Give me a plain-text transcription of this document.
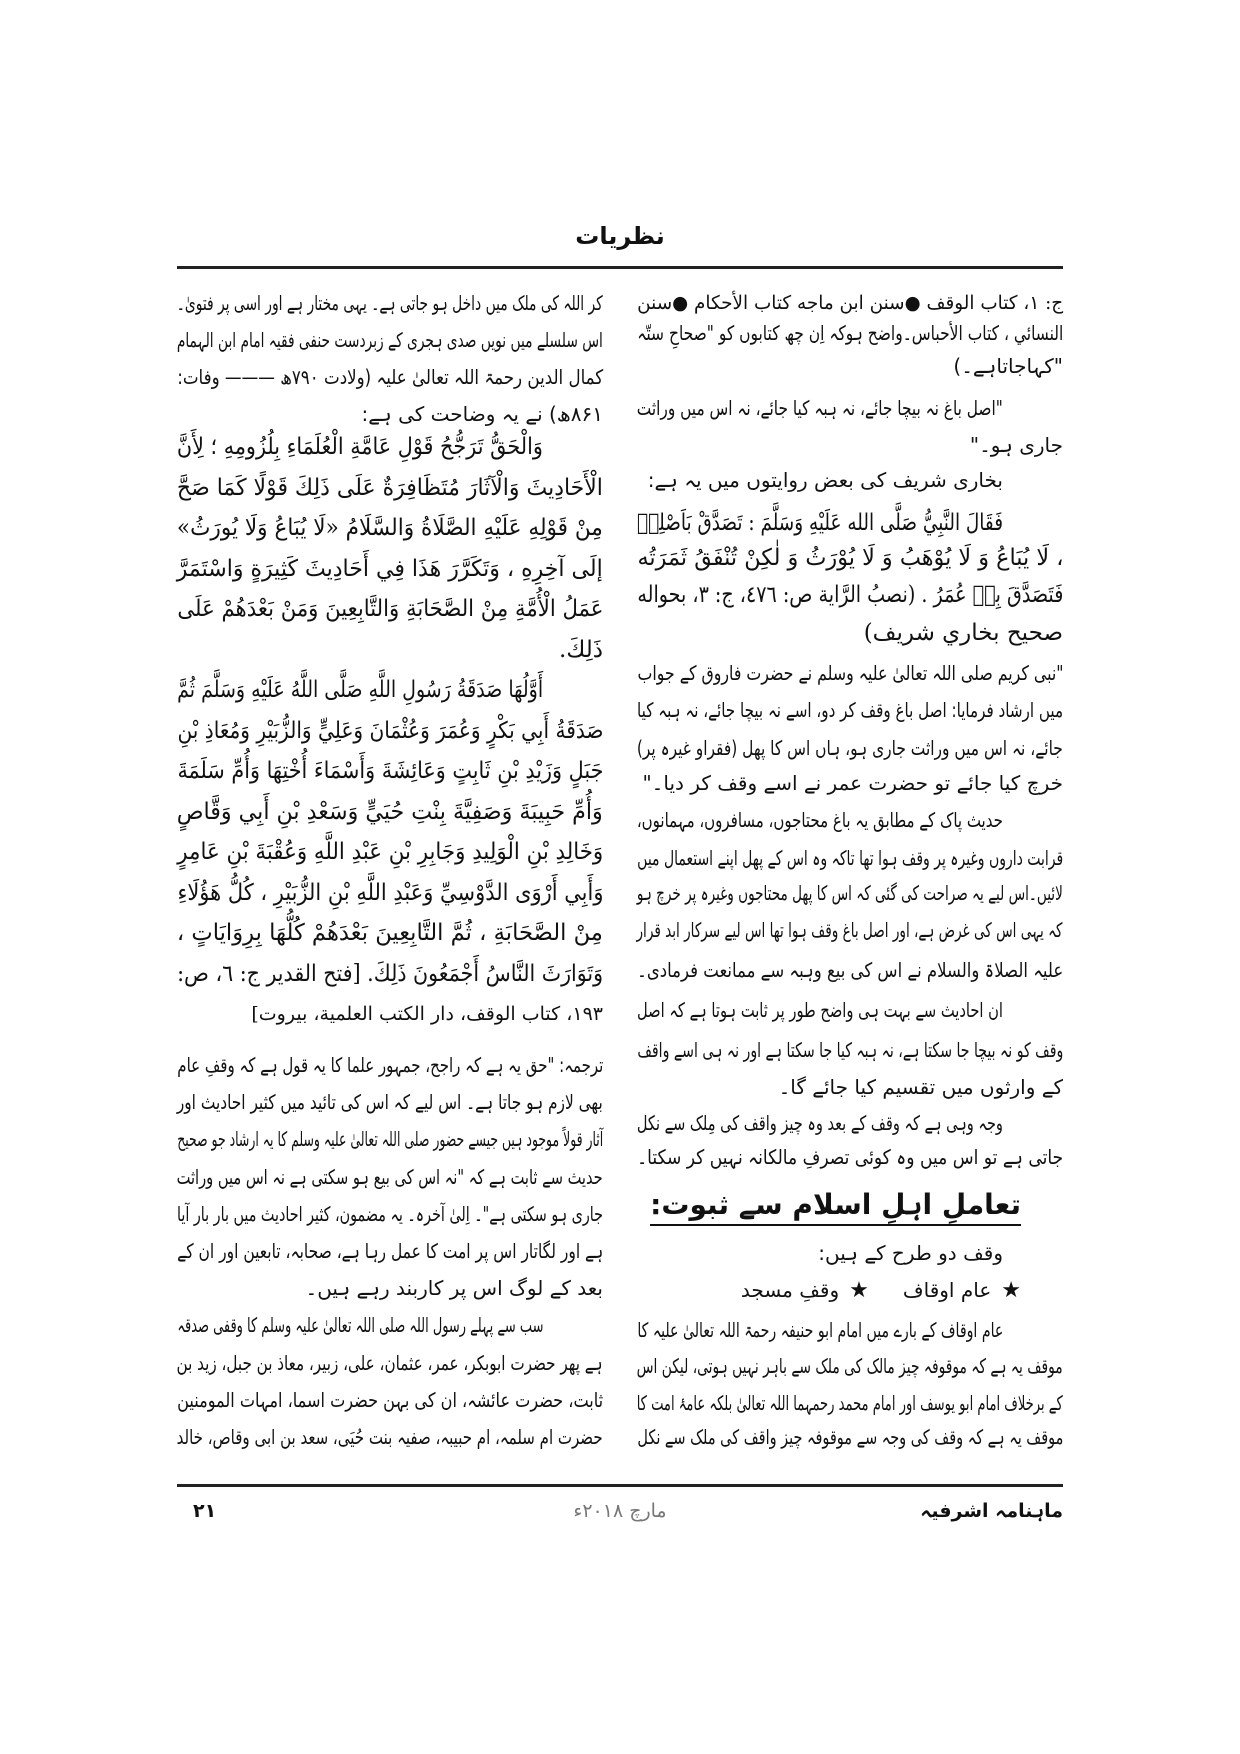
نظریات
ج: ۱، کتاب الوقف ●سنن ابن ماجه کتاب الأحکام ●سنن
النسائي ، کتاب الأحباس۔واضح ہوکہ اِن چھ کتابوں کو "صحاحِ ستّہ
"کہاجاتاہے۔)
"اصل باغ نہ بیچا جائے، نہ ہبہ کیا جائے، نہ اس میں وراثت
جاری ہو۔"
بخاری شریف کی بعض روایتوں میں یہ ہے:
فَقَالَ النَّبِيُّ صَلَّى الله عَلَيْهِ وَسَلَّمَ : تَصَدَّقْ بَاَصْلِهٖ
، لَا يُبَاعُ وَ لَا يُوْهَبُ وَ لَا يُوْرَثُ وَ لٰكِنْ تُنْفَقُ ثَمَرَتُه
فَتَصَدَّقَ بِهٖ عُمَرُ . (نصبُ الرَّاية ص: ٤٧٦، ج: ٣، بحواله
صحيح بخاري شريف)
"نبی کریم صلی اللہ تعالیٰ علیہ وسلم نے حضرت فاروق کے جواب
میں ارشاد فرمایا: اصل باغ وقف کر دو، اسے نہ بیچا جائے، نہ ہبہ کیا
جائے، نہ اس میں وراثت جاری ہو، ہاں اس کا پھل (فقراو غیرہ پر)
خرچ کیا جائے تو حضرت عمر نے اسے وقف کر دیا۔"
حدیث پاک کے مطابق یہ باغ محتاجوں، مسافروں، مہمانوں،
قرابت داروں وغیرہ پر وقف ہوا تھا تاکہ وہ اس کے پھل اپنے استعمال میں
لائیں۔اس لیے یہ صراحت کی گئی کہ اس کا پھل محتاجوں وغیرہ پر خرچ ہو
کہ یہی اس کی غرض ہے، اور اصل باغ وقف ہوا تھا اس لیے سرکار ابد قرار
علیہ الصلاۃ والسلام نے اس کی بیع وہبہ سے ممانعت فرمادی۔
ان احادیث سے بہت ہی واضح طور پر ثابت ہوتا ہے کہ اصل
وقف کو نہ بیچا جا سکتا ہے، نہ ہبہ کیا جا سکتا ہے اور نہ ہی اسے واقف
کے وارثوں میں تقسیم کیا جائے گا۔
وجہ وہی ہے کہ وقف کے بعد وہ چیز واقف کی مِلک سے نکل
جاتی ہے تو اس میں وہ کوئی تصرفِ مالکانہ نہیں کر سکتا۔
تعاملِ اہلِ اسلام سے ثبوت:
وقف دو طرح کے ہیں:
★عام اوقاف★وقفِ مسجد
عام اوقاف کے بارے میں امام ابو حنیفہ رحمۃ اللہ تعالیٰ علیہ کا
موقف یہ ہے کہ موقوفہ چیز مالک کی ملک سے باہر نہیں ہوتی، لیکن اس
کے برخلاف امام ابو یوسف اور امام محمد رحمہما اللہ تعالیٰ بلکہ عامۂ امت کا
موقف یہ ہے کہ وقف کی وجہ سے موقوفہ چیز واقف کی ملک سے نکل
کر اللہ کی ملک میں داخل ہو جاتی ہے۔ یہی مختار ہے اور اسی پر فتویٰ۔
اس سلسلے میں نویں صدی ہجری کے زبردست حنفی فقیہ امام ابن الہمام
کمال الدین رحمۃ اللہ تعالیٰ علیہ (ولادت ۷۹۰ھ ——— وفات:
۸۶۱ھ) نے یہ وضاحت کی ہے:
وَالْحَقُّ تَرَجُّحُ قَوْلِ عَامَّةِ الْعُلَمَاءِ بِلُزُومِهِ ؛ لِأَنَّ
الْأَحَادِيثَ وَالْآثَارَ مُتَظَافِرَةٌ عَلَى ذَلِكَ قَوْلًا كَمَا صَحَّ
مِنْ قَوْلِهِ عَلَيْهِ الصَّلَاةُ وَالسَّلَامُ «لَا يُبَاعُ وَلَا يُورَثُ»
إلَى آخِرِهِ ، وَتَكَرَّرَ هَذَا فِي أَحَادِيثَ كَثِيرَةٍ وَاسْتَمَرَّ
عَمَلُ الْأُمَّةِ مِنْ الصَّحَابَةِ وَالتَّابِعِينَ وَمَنْ بَعْدَهُمْ عَلَى
ذَلِكَ.
أَوَّلُهَا صَدَقَةُ رَسُولِ اللَّهِ صَلَّى اللَّهُ عَلَيْهِ وَسَلَّمَ ثُمَّ
صَدَقَةُ أَبِي بَكْرٍ وَعُمَرَ وَعُثْمَانَ وَعَلِيٍّ وَالزُّبَيْرِ وَمُعَاذِ بْنِ
جَبَلٍ وَزَيْدِ بْنِ ثَابِتٍ وَعَائِشَةَ وَأَسْمَاءَ أُخْتِهَا وَأُمِّ سَلَمَةَ
وَأُمِّ حَبِيبَةَ وَصَفِيَّةَ بِنْتِ حُيَيٍّ وَسَعْدِ بْنِ أَبِي وَقَّاصٍ
وَخَالِدِ بْنِ الْوَلِيدِ وَجَابِرِ بْنِ عَبْدِ اللَّهِ وَعُقْبَةَ بْنِ عَامِرٍ
وَأَبِي أَرْوَى الدَّوْسِيِّ وَعَبْدِ اللَّهِ بْنِ الزُّبَيْرِ ، كُلُّ هَؤُلَاءِ
مِنْ الصَّحَابَةِ ، ثُمَّ التَّابِعِينَ بَعْدَهُمْ كُلُّهَا بِرِوَايَاتٍ ،
وَتَوَارَثَ النَّاسُ أَجْمَعُونَ ذَلِكَ. [فتح القدير ج: ٦، ص:
١٩٣، كتاب الوقف، دار الكتب العلمية، بيروت]
ترجمہ: "حق یہ ہے کہ راجح، جمہور علما کا یہ قول ہے کہ وقفِ عام
بھی لازم ہو جاتا ہے۔ اس لیے کہ اس کی تائید میں کثیر احادیث اور
آثار قولاً موجود ہیں جیسے حضور صلی اللہ تعالیٰ علیہ وسلم کا یہ ارشاد جو صحیح
حدیث سے ثابت ہے کہ "نہ اس کی بیع ہو سکتی ہے نہ اس میں وراثت
جاری ہو سکتی ہے"۔ اِلیٰ آخرہ۔ یہ مضمون، کثیر احادیث میں بار بار آیا
ہے اور لگاتار اس پر امت کا عمل رہا ہے، صحابہ، تابعین اور ان کے
بعد کے لوگ اس پر کاربند رہے ہیں۔
سب سے پہلے رسول اللہ صلی اللہ تعالیٰ علیہ وسلم کا وقفی صدقہ
ہے پھر حضرت ابوبکر، عمر، عثمان، علی، زبیر، معاذ بن جبل، زید بن
ثابت، حضرت عائشہ، ان کی بہن حضرت اسما، امہات المومنین
حضرت ام سلمہ، ام حبیبہ، صفیہ بنت حُیَی، سعد بن ابی وقاص، خالد
ماہنامہ اشرفیہ
مارچ ۲۰۱۸ء
۲۱
